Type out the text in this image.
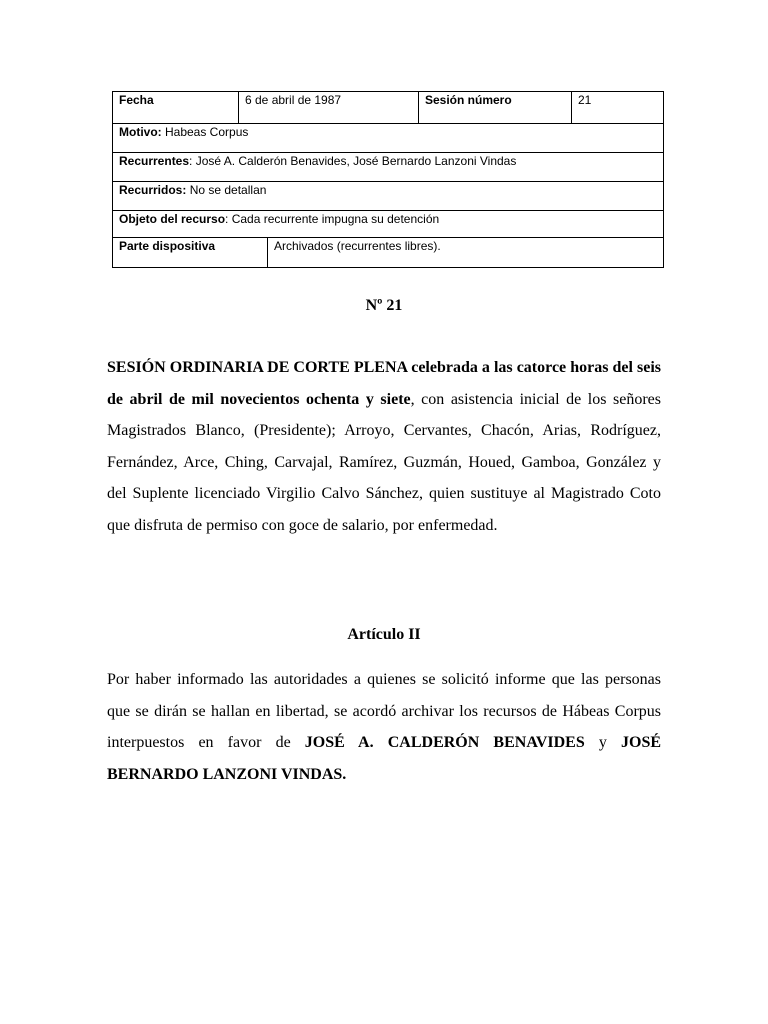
Fecha	6 de abril de 1987	Sesión número	21
Motivo: Habeas Corpus
Recurrentes: José A. Calderón Benavides, José Bernardo Lanzoni Vindas
Recurridos: No se detallan
Objeto del recurso: Cada recurrente impugna su detención
Parte dispositiva	Archivados (recurrentes libres).
Nº 21

SESIÓN ORDINARIA DE CORTE PLENA celebrada a las catorce horas del seis de abril de mil novecientos ochenta y siete, con asistencia inicial de los señores Magistrados Blanco, (Presidente); Arroyo, Cervantes, Chacón, Arias, Rodríguez, Fernández, Arce, Ching, Carvajal, Ramírez, Guzmán, Houed, Gamboa, González y del Suplente licenciado Virgilio Calvo Sánchez, quien sustituye al Magistrado Coto que disfruta de permiso con goce de salario, por enfermedad.

Artículo II

Por haber informado las autoridades a quienes se solicitó informe que las personas que se dirán se hallan en libertad, se acordó archivar los recursos de Hábeas Corpus interpuestos en favor de JOSÉ A. CALDERÓN BENAVIDES y JOSÉ BERNARDO LANZONI VINDAS.
